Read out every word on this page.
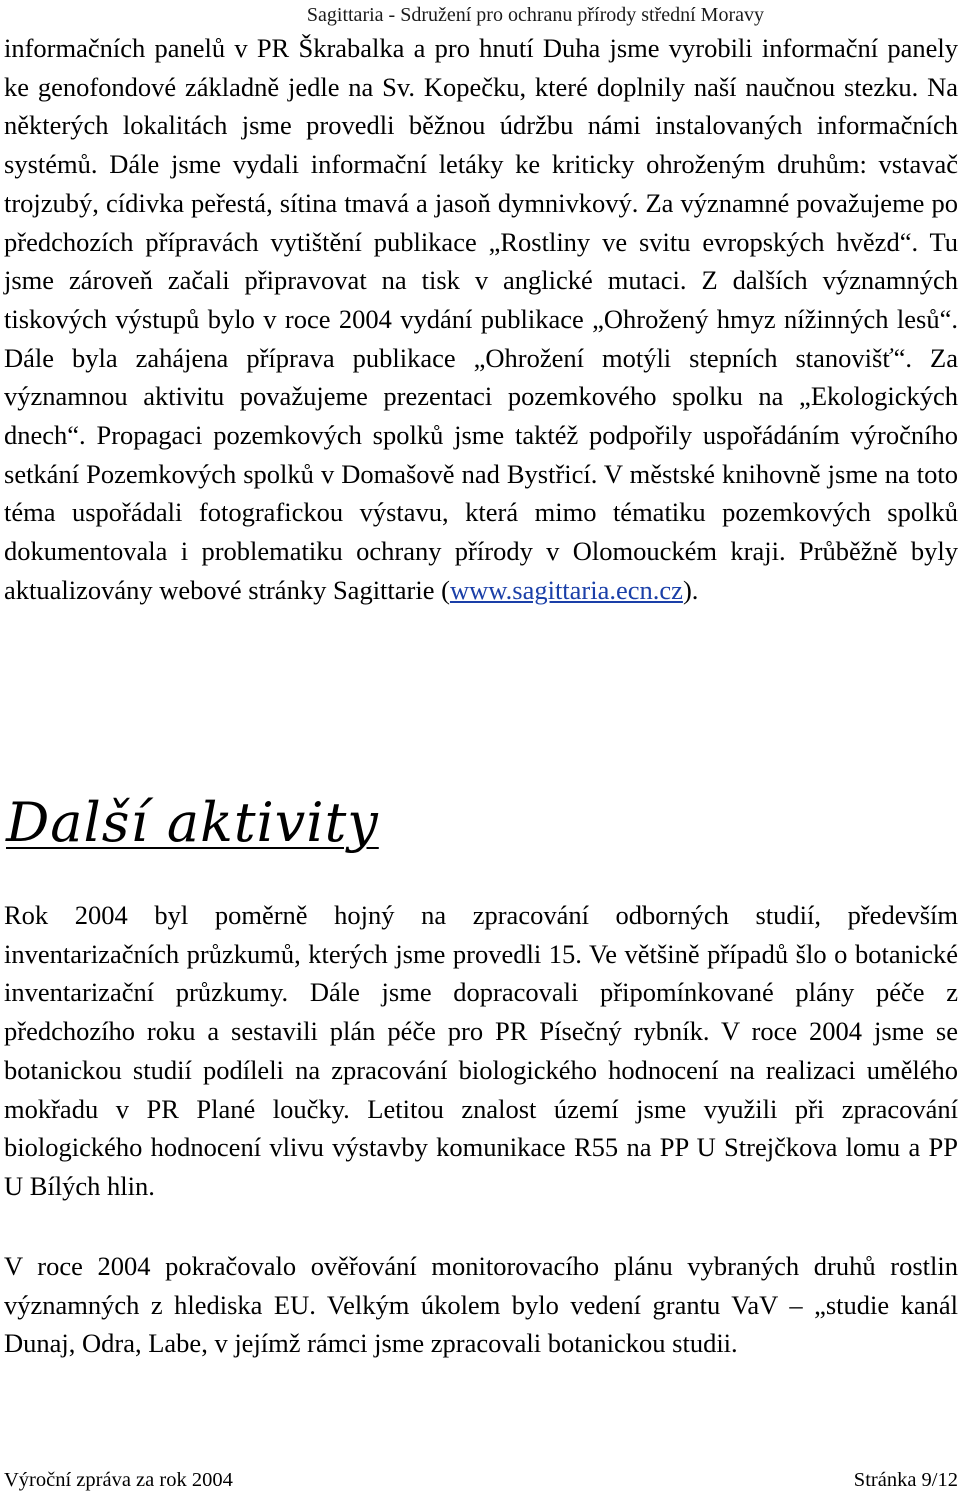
Sagittaria - Sdružení pro ochranu přírody střední Moravy

informačních panelů v PR Škrabalka a pro hnutí Duha jsme vyrobili informační panely ke genofondové základně jedle na Sv. Kopečku, které doplnily naší naučnou stezku. Na některých lokalitách jsme provedli běžnou údržbu námi instalovaných informačních systémů. Dále jsme vydali informační letáky ke kriticky ohroženým druhům: vstavač trojzubý, cídivka peřestá, sítina tmavá a jasoň dymnivkový. Za významné považujeme po předchozích přípravách vytištění publikace „Rostliny ve svitu evropských hvězd“. Tu jsme zároveň začali připravovat na tisk v anglické mutaci. Z dalších významných tiskových výstupů bylo v roce 2004 vydání publikace „Ohrožený hmyz nížinných lesů“. Dále byla zahájena příprava publikace „Ohrožení motýli stepních stanovišť“. Za významnou aktivitu považujeme prezentaci pozemkového spolku na „Ekologických dnech“. Propagaci pozemkových spolků jsme taktéž podpořily uspořádáním výročního setkání Pozemkových spolků v Domašově nad Bystřicí. V městské knihovně jsme na toto téma uspořádali fotografickou výstavu, která mimo tématiku pozemkových spolků dokumentovala i problematiku ochrany přírody v Olomouckém kraji. Průběžně byly aktualizovány webové stránky Sagittarie (www.sagittaria.ecn.cz).

Další aktivity

Rok 2004 byl poměrně hojný na zpracování odborných studií, především inventarizačních průzkumů, kterých jsme provedli 15. Ve většině případů šlo o botanické inventarizační průzkumy. Dále jsme dopracovali připomínkované plány péče z předchozího roku a sestavili plán péče pro PR Písečný rybník. V roce 2004 jsme se botanickou studií podíleli na zpracování biologického hodnocení na realizaci umělého mokřadu v PR Plané loučky. Letitou znalost území jsme využili při zpracování biologického hodnocení vlivu výstavby komunikace R55 na PP U Strejčkova lomu a PP U Bílých hlin.

V roce 2004 pokračovalo ověřování monitorovacího plánu vybraných druhů rostlin významných z hlediska EU. Velkým úkolem bylo vedení grantu VaV – „studie kanál Dunaj, Odra, Labe, v jejímž rámci jsme zpracovali botanickou studii.

Výroční zpráva za rok 2004	Stránka 9/12
